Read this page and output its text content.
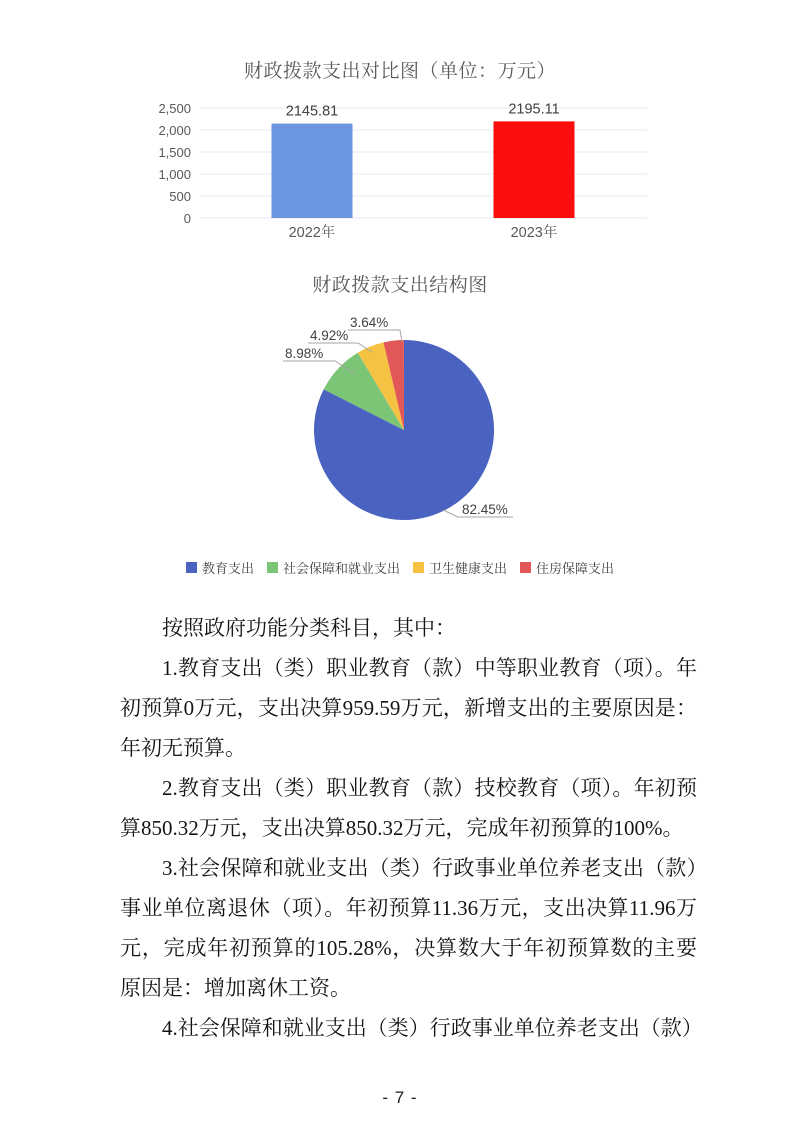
财政拨款支出对比图（单位：万元）
0
500
1,000
1,500
2,000
2,500	2145.81
2022年
2195.11
2023年
财政拨款支出结构图
82.45%
8.98%
4.92%
3.64%
教育支出 社会保障和就业支出 卫生健康支出 住房保障支出

按照政府功能分类科目，其中：

1.教育支出（类）职业教育（款）中等职业教育（项）。年初预算0万元，支出决算959.59万元，新增支出的主要原因是：年初无预算。

2.教育支出（类）职业教育（款）技校教育（项）。年初预算850.32万元，支出决算850.32万元，完成年初预算的100%。

3.社会保障和就业支出（类）行政事业单位养老支出（款）事业单位离退休（项）。年初预算11.36万元，支出决算11.96万元，完成年初预算的105.28%，决算数大于年初预算数的主要原因是：增加离休工资。

4.社会保障和就业支出（类）行政事业单位养老支出（款）

- 7 -
